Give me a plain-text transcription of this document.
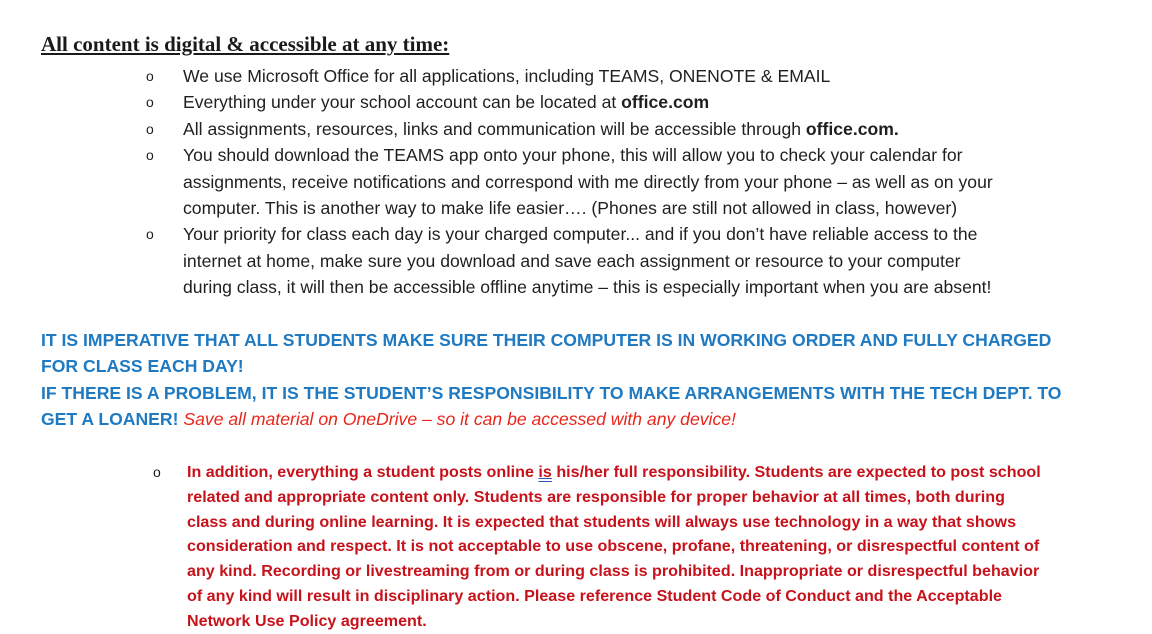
All content is digital & accessible at any time:
o We use Microsoft Office for all applications, including TEAMS, ONENOTE & EMAIL
o Everything under your school account can be located at office.com
o All assignments, resources, links and communication will be accessible through office.com.
o You should download the TEAMS app onto your phone, this will allow you to check your calendar for
assignments, receive notifications and correspond with me directly from your phone – as well as on your
computer. This is another way to make life easier…. (Phones are still not allowed in class, however)
o Your priority for class each day is your charged computer... and if you don’t have reliable access to the
internet at home, make sure you download and save each assignment or resource to your computer
during class, it will then be accessible offline anytime – this is especially important when you are absent!
IT IS IMPERATIVE THAT ALL STUDENTS MAKE SURE THEIR COMPUTER IS IN WORKING ORDER AND FULLY CHARGED
FOR CLASS EACH DAY!
IF THERE IS A PROBLEM, IT IS THE STUDENT’S RESPONSIBILITY TO MAKE ARRANGEMENTS WITH THE TECH DEPT. TO
GET A LOANER! Save all material on OneDrive – so it can be accessed with any device!
o In addition, everything a student posts online is his/her full responsibility. Students are expected to post school
related and appropriate content only. Students are responsible for proper behavior at all times, both during
class and during online learning. It is expected that students will always use technology in a way that shows
consideration and respect. It is not acceptable to use obscene, profane, threatening, or disrespectful content of
any kind. Recording or livestreaming from or during class is prohibited. Inappropriate or disrespectful behavior
of any kind will result in disciplinary action. Please reference Student Code of Conduct and the Acceptable
Network Use Policy agreement.
